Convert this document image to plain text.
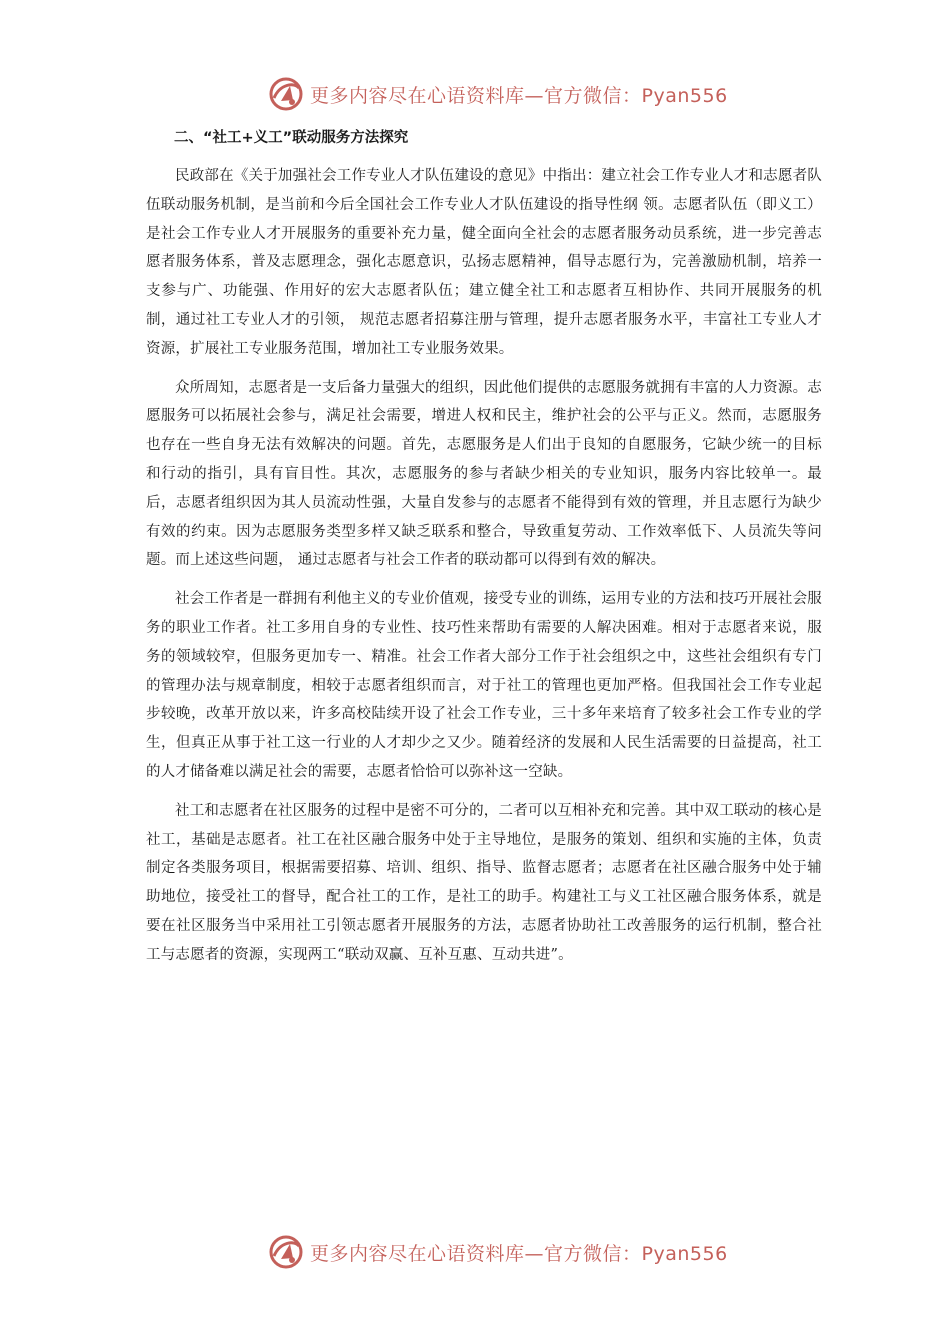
更多内容尽在心语资料库—官方微信：Pyan556
二、“社工+义工”联动服务方法探究

民政部在《关于加强社会工作专业人才队伍建设的意见》中指出：建立社会工作专业人才和志愿者队伍联动服务机制，是当前和今后全国社会工作专业人才队伍建设的指导性纲 领。志愿者队伍（即义工）是社会工作专业人才开展服务的重要补充力量，健全面向全社会的志愿者服务动员系统，进一步完善志愿者服务体系，普及志愿理念，强化志愿意识，弘扬志愿精神，倡导志愿行为，完善激励机制，培养一支参与广、功能强、作用好的宏大志愿者队伍；建立健全社工和志愿者互相协作、共同开展服务的机制，通过社工专业人才的引领， 规范志愿者招募注册与管理，提升志愿者服务水平，丰富社工专业人才资源，扩展社工专业服务范围，增加社工专业服务效果。

众所周知，志愿者是一支后备力量强大的组织，因此他们提供的志愿服务就拥有丰富的人力资源。志愿服务可以拓展社会参与，满足社会需要，增进人权和民主，维护社会的公平与正义。然而，志愿服务也存在一些自身无法有效解决的问题。首先，志愿服务是人们出于良知的自愿服务，它缺少统一的目标和行动的指引，具有盲目性。其次，志愿服务的参与者缺少相关的专业知识，服务内容比较单一。最后，志愿者组织因为其人员流动性强，大量自发参与的志愿者不能得到有效的管理，并且志愿行为缺少有效的约束。因为志愿服务类型多样又缺乏联系和整合，导致重复劳动、工作效率低下、人员流失等问题。而上述这些问题， 通过志愿者与社会工作者的联动都可以得到有效的解决。

社会工作者是一群拥有利他主义的专业价值观，接受专业的训练，运用专业的方法和技巧开展社会服务的职业工作者。社工多用自身的专业性、技巧性来帮助有需要的人解决困难。相对于志愿者来说，服务的领域较窄，但服务更加专一、精准。社会工作者大部分工作于社会组织之中，这些社会组织有专门的管理办法与规章制度，相较于志愿者组织而言，对于社工的管理也更加严格。但我国社会工作专业起步较晚，改革开放以来，许多高校陆续开设了社会工作专业，三十多年来培育了较多社会工作专业的学生，但真正从事于社工这一行业的人才却少之又少。随着经济的发展和人民生活需要的日益提高，社工的人才储备难以满足社会的需要，志愿者恰恰可以弥补这一空缺。

社工和志愿者在社区服务的过程中是密不可分的，二者可以互相补充和完善。其中双工联动的核心是社工，基础是志愿者。社工在社区融合服务中处于主导地位，是服务的策划、组织和实施的主体，负责制定各类服务项目，根据需要招募、培训、组织、指导、监督志愿者；志愿者在社区融合服务中处于辅助地位，接受社工的督导，配合社工的工作，是社工的助手。构建社工与义工社区融合服务体系，就是要在社区服务当中采用社工引领志愿者开展服务的方法，志愿者协助社工改善服务的运行机制，整合社工与志愿者的资源，实现两工“联动双赢、互补互惠、互动共进”。

更多内容尽在心语资料库—官方微信：Pyan556
